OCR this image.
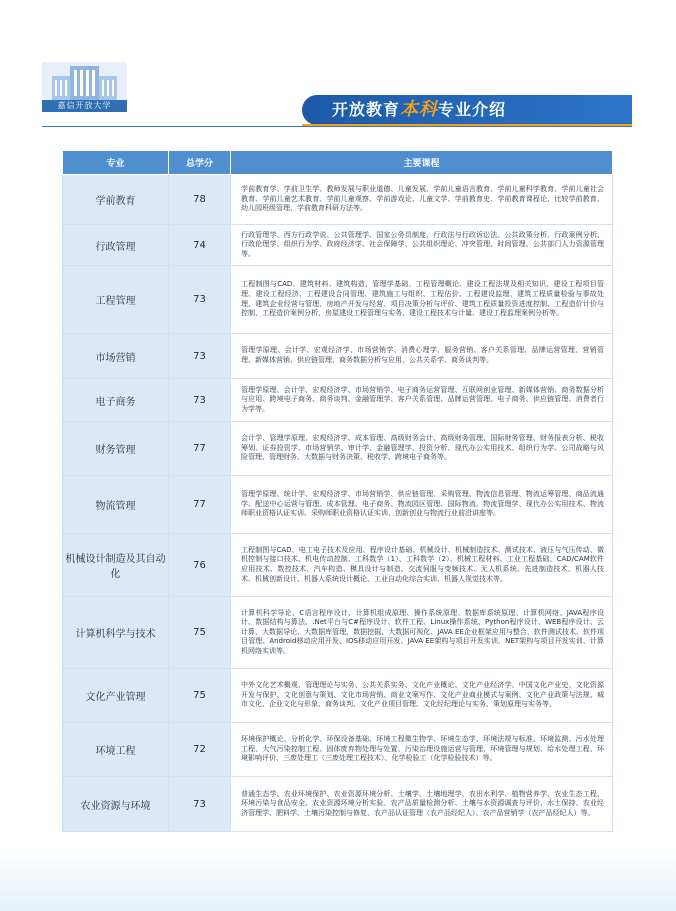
嘉信开放大学	开放教育本科专业介绍
专业	总学分	主要课程
学前教育	78	学前教育学、学前卫生学、教师发展与职业道德、儿童发展、学前儿童语言教育、学前儿童科学教育、学前儿童社会教育、学前儿童艺术教育、学前儿童观察、学前游戏论、儿童文学、学前教育史、学前教育课程论、比较学前教育、幼儿园班级管理、学前教育科研方法等。
行政管理	74	行政管理学、西方行政学说、公共管理学、国家公务员制度、行政法与行政诉讼法、公共政策分析、行政案例分析、行政伦理学、组织行为学、政府经济学、社会保障学、公共组织理论、冲突管理、时间管理、公共部门人力资源管理等。
工程管理	73	工程制图与CAD、建筑材料、建筑构造、管理学基础、工程管理概论、建设工程法规及相关知识、建设工程项目管理、建设工程经济、工程建设合同管理、建筑施工与组织、工程估价、工程建设监理、建筑工程质量检验与事故处理、建筑企业经营与管理、房地产开发与经营、项目决策分析与评价、建筑工程质量投资进度控制、工程造价计价与控制、工程造价案例分析、房屋建设工程管理与实务、建设工程技术与计量、建设工程监理案例分析等。
市场营销	73	管理学原理、会计学、宏观经济学、市场营销学、消费心理学、服务营销、客户关系管理、品牌运营管理、营销管理、新媒体营销、供应链管理、商务数据分析与应用、公共关系学、商务谈判等。
电子商务	73	管理学原理、会计学、宏观经济学、市场营销学、电子商务运营管理、互联网创业管理、新媒体营销、商务数据分析与应用、跨境电子商务、商务谈判、金融管理学、客户关系管理、品牌运营管理、电子商务、供应链管理、消费者行为学等。
财务管理	77	会计学、管理学原理、宏观经济学、成本管理、高级财务会计、高级财务管理、国际财务管理、财务报表分析、税收筹划、证券投资学、市场营销学、审计学、金融管理学、投资分析、现代办公实用技术、组织行为学、公司战略与风险管理、管理财务、大数据与财务决策、税收学、跨境电子商务等。
物流管理	77	管理学原理、统计学、宏观经济学、市场营销学、供应链管理、采购管理、物流信息管理、物流运筹管理、商品流通学、配送中心运营与管理、成本管理、电子商务、物流园区管理、国际物流、物流管理学、现代办公实用技术、物流师职业资格认证实训、采购师职业资格认证实训、创新创业与物流行业前沿讲座等。
机械设计制造及其自动化	76	工程制图与CAD、电工电子技术及应用、程序设计基础、机械设计、机械制造技术、测试技术、液压与气压传动、微机控制与接口技术、机电传动控制、工科数学（1）、工科数学（2）、机械工程材料、工业工程基础、CAD/CAM软件应用技术、数控技术、汽车构造、模具设计与制造、交流伺服与变频技术、无人机系统、先进制造技术、机器人技术、机械创新设计、机器人系统设计概论、工业自动化综合实训、机器人视觉技术等。
计算机科学与技术	75	计算机科学导论、C语言程序设计、计算机组成原理、操作系统原理、数据库系统原理、计算机网络、JAVA程序设计、数据结构与算法、.Net平台与C#程序设计、软件工程、Linux操作系统、Python程序设计、WEB程序设计、云计算、大数据导论、大数据库管理、数据挖掘、大数据可视化、JAVA EE企业框架应用与整合、软件测试技术、软件项目管理、Android移动应用开发、IOS移动应用开发、JAVA EE架构与项目开发实训、NET架构与项目开发实训、计算机网络实训等。
文化产业管理	75	中外文化艺术概观、管理理论与实务、公共关系实务、文化产业概论、文化产业经济学、中国文化产业史、文化资源开发与保护、文化创意与策划、文化市场营销、商业文案写作、文化产业商业模式与案例、文化产业政策与法规、城市文化、企业文化与形象、商务谈判、文化产业项目管理、文化经纪理论与实务、策划原理与实务等。
环境工程	72	环境保护概论、分析化学、环保设备基础、环境工程微生物学、环境生态学、环境法规与标准、环境监测、污水处理工程、大气污染控制工程、固体废弃物处理与处置、污染治理设施运营与管理、环境管理与规划、给水处理工程、环境影响评价、三废处理工（三废处理工程技术）、化学检验工（化学检验技术）等。
农业资源与环境	73	普通生态学、农业环境保护、农业资源环境分析、土壤学、土壤地理学、农田水利学、植物营养学、农业生态工程、环境污染与食品安全、农业资源环境分析实验、农产品质量检测分析、土壤与水资源调查与评价、水土保持、农业经济管理学、肥料学、土壤污染控制与修复、农产品认证管理（农产品经纪人）、农产品营销学（农产品经纪人）等。
